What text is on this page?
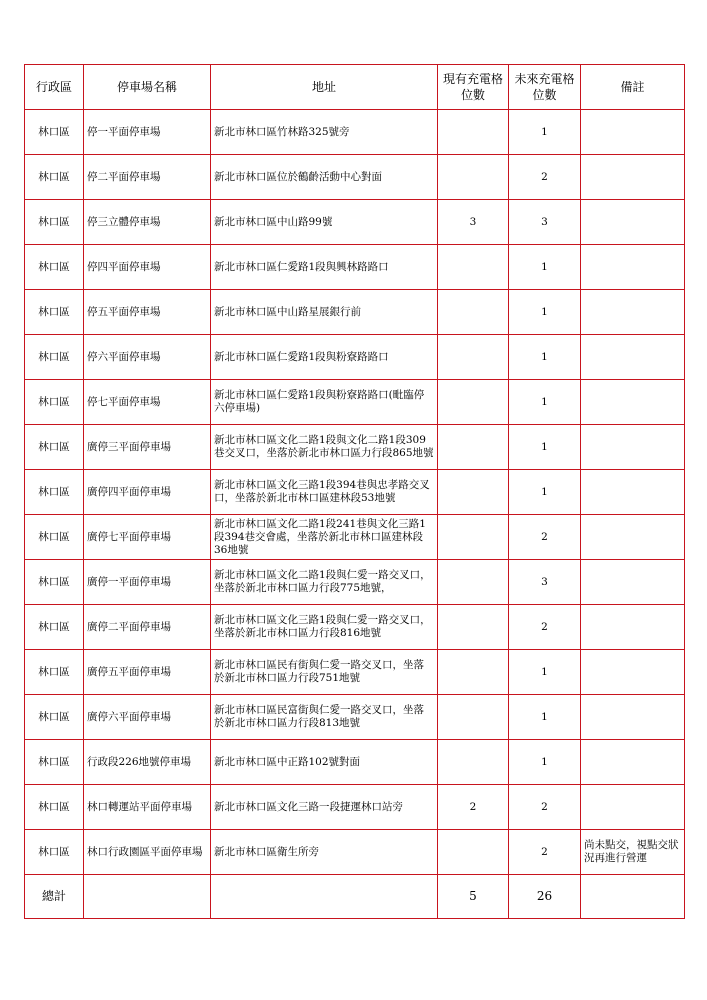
行政區	停車場名稱	地址	現有充電格位數	未來充電格位數	備註
林口區	停一平面停車場	新北市林口區竹林路325號旁		1	
林口區	停二平面停車場	新北市林口區位於鶴齡活動中心對面		2	
林口區	停三立體停車場	新北市林口區中山路99號	3	3	
林口區	停四平面停車場	新北市林口區仁愛路1段與興林路路口		1	
林口區	停五平面停車場	新北市林口區中山路星展銀行前		1	
林口區	停六平面停車場	新北市林口區仁愛路1段與粉寮路路口		1	
林口區	停七平面停車場	新北市林口區仁愛路1段與粉寮路路口(毗臨停六停車場)		1	
林口區	廣停三平面停車場	新北市林口區文化二路1段與文化二路1段309巷交叉口，坐落於新北市林口區力行段865地號		1	
林口區	廣停四平面停車場	新北市林口區文化三路1段394巷與忠孝路交叉口，坐落於新北市林口區建林段53地號		1	
林口區	廣停七平面停車場	新北市林口區文化二路1段241巷與文化三路1段394巷交會處，坐落於新北市林口區建林段36地號		2	
林口區	廣停一平面停車場	新北市林口區文化二路1段與仁愛一路交叉口，坐落於新北市林口區力行段775地號，		3	
林口區	廣停二平面停車場	新北市林口區文化三路1段與仁愛一路交叉口，坐落於新北市林口區力行段816地號		2	
林口區	廣停五平面停車場	新北市林口區民有街與仁愛一路交叉口，坐落於新北市林口區力行段751地號		1	
林口區	廣停六平面停車場	新北市林口區民富街與仁愛一路交叉口，坐落於新北市林口區力行段813地號		1	
林口區	行政段226地號停車場	新北市林口區中正路102號對面		1	
林口區	林口轉運站平面停車場	新北市林口區文化三路一段捷運林口站旁	2	2	
林口區	林口行政園區平面停車場	新北市林口區衛生所旁		2	尚未點交，視點交狀況再進行營運
總計			5	26	
